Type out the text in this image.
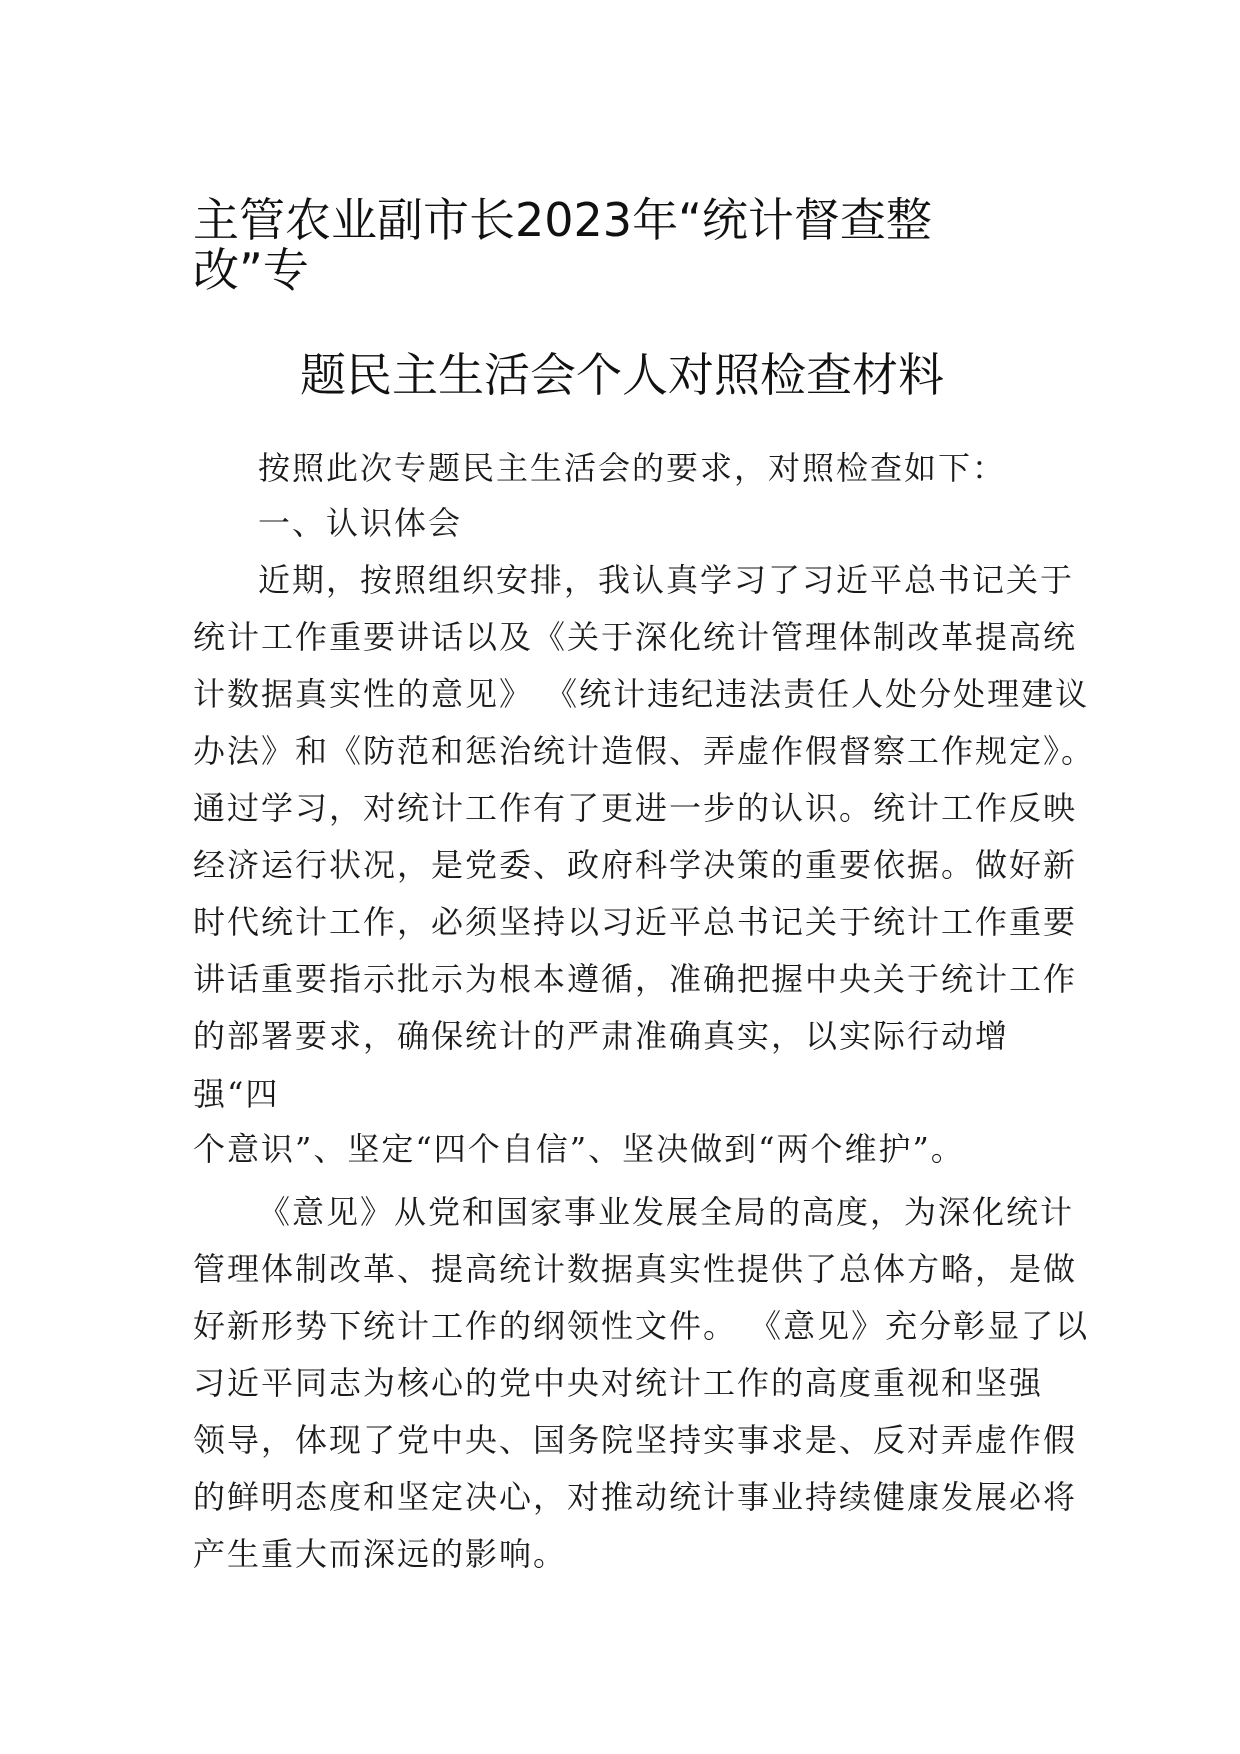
主管农业副市长2023年“统计督查整
改”专
题民主生活会个人对照检查材料

按照此次专题民主生活会的要求，对照检查如下：

一、认识体会

近期，按照组织安排，我认真学习了习近平总书记关于

统计工作重要讲话以及《关于深化统计管理体制改革提高统

计数据真实性的意见》 《统计违纪违法责任人处分处理建议

办法》和《防范和惩治统计造假、弄虚作假督察工作规定》。

通过学习，对统计工作有了更进一步的认识。统计工作反映

经济运行状况，是党委、政府科学决策的重要依据。做好新

时代统计工作，必须坚持以习近平总书记关于统计工作重要

讲话重要指示批示为根本遵循，准确把握中央关于统计工作

的部署要求，确保统计的严肃准确真实，以实际行动增

强“四

个意识”、坚定“四个自信”、坚决做到“两个维护”。

《意见》从党和国家事业发展全局的高度，为深化统计

管理体制改革、提高统计数据真实性提供了总体方略，是做

好新形势下统计工作的纲领性文件。 《意见》充分彰显了以

习近平同志为核心的党中央对统计工作的高度重视和坚强

领导，体现了党中央、国务院坚持实事求是、反对弄虚作假

的鲜明态度和坚定决心，对推动统计事业持续健康发展必将

产生重大而深远的影响。
